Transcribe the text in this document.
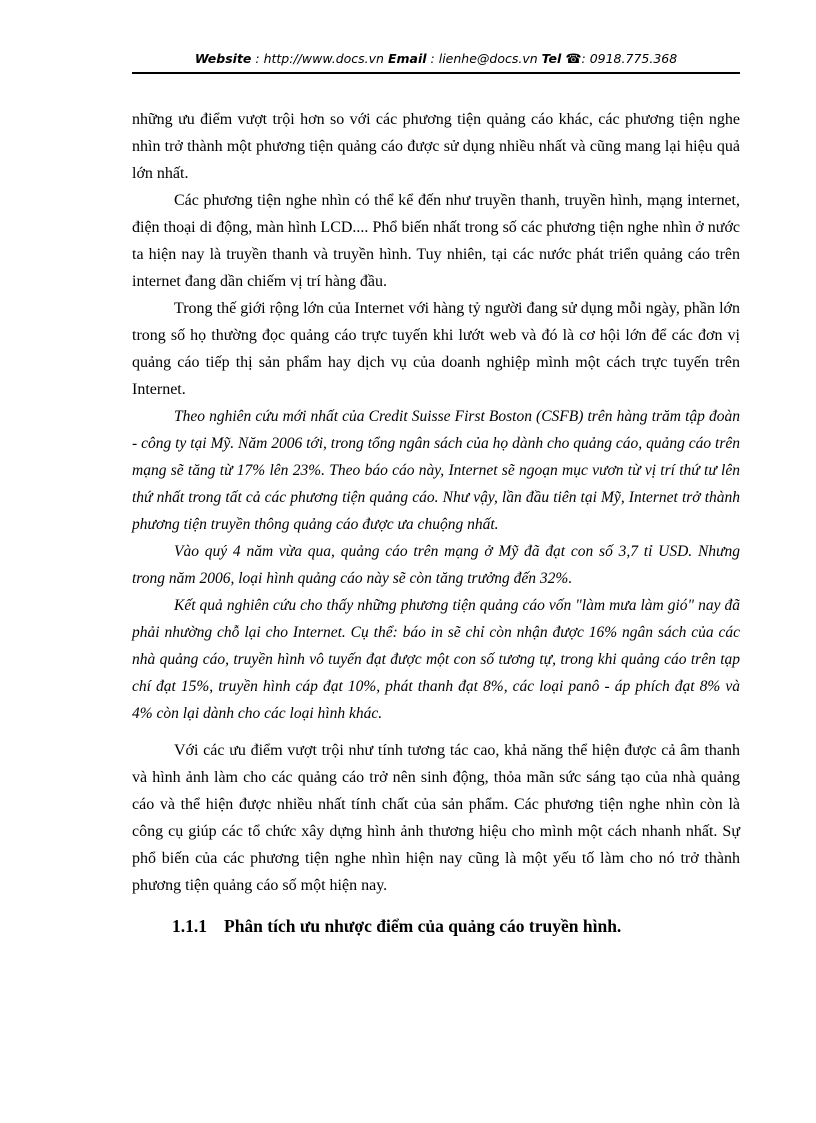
Website : http://www.docs.vn Email : lienhe@docs.vn Tel ☎: 0918.775.368

những ưu điểm vượt trội hơn so với các phương tiện quảng cáo khác, các phương tiện nghe nhìn trở thành một phương tiện quảng cáo được sử dụng nhiều nhất và cũng mang lại hiệu quả lớn nhất.

Các phương tiện nghe nhìn có thể kể đến như truyền thanh, truyền hình, mạng internet, điện thoại di động, màn hình LCD.... Phổ biến nhất trong số các phương tiện nghe nhìn ở nước ta hiện nay là truyền thanh và truyền hình. Tuy nhiên, tại các nước phát triển quảng cáo trên internet đang dần chiếm vị trí hàng đầu.

Trong thế giới rộng lớn của Internet với hàng tỷ người đang sử dụng mỗi ngày, phần lớn trong số họ thường đọc quảng cáo trực tuyến khi lướt web và đó là cơ hội lớn để các đơn vị quảng cáo tiếp thị sản phẩm hay dịch vụ của doanh nghiệp mình một cách trực tuyến trên Internet.

Theo nghiên cứu mới nhất của Credit Suisse First Boston (CSFB) trên hàng trăm tập đoàn - công ty tại Mỹ. Năm 2006 tới, trong tổng ngân sách của họ dành cho quảng cáo, quảng cáo trên mạng sẽ tăng từ 17% lên 23%. Theo báo cáo này, Internet sẽ ngoạn mục vươn từ vị trí thứ tư lên thứ nhất trong tất cả các phương tiện quảng cáo. Như vậy, lần đầu tiên tại Mỹ, Internet trở thành phương tiện truyền thông quảng cáo được ưa chuộng nhất.

Vào quý 4 năm vừa qua, quảng cáo trên mạng ở Mỹ đã đạt con số 3,7 tỉ USD. Nhưng trong năm 2006, loại hình quảng cáo này sẽ còn tăng trưởng đến 32%.

Kết quả nghiên cứu cho thấy những phương tiện quảng cáo vốn "làm mưa làm gió" nay đã phải nhường chỗ lại cho Internet. Cụ thể: báo in sẽ chỉ còn nhận được 16% ngân sách của các nhà quảng cáo, truyền hình vô tuyến đạt được một con số tương tự, trong khi quảng cáo trên tạp chí đạt 15%, truyền hình cáp đạt 10%, phát thanh đạt 8%, các loại panô - áp phích đạt 8% và 4% còn lại dành cho các loại hình khác.

Với các ưu điểm vượt trội như tính tương tác cao, khả năng thể hiện được cả âm thanh và hình ảnh làm cho các quảng cáo trở nên sinh động, thỏa mãn sức sáng tạo của nhà quảng cáo và thể hiện được nhiều nhất tính chất của sản phẩm. Các phương tiện nghe nhìn còn là công cụ giúp các tổ chức xây dựng hình ảnh thương hiệu cho mình một cách nhanh nhất. Sự phổ biến của các phương tiện nghe nhìn hiện nay cũng là một yếu tố làm cho nó trở thành phương tiện quảng cáo số một hiện nay.

1.1.1 Phân tích ưu nhược điểm của quảng cáo truyền hình.
